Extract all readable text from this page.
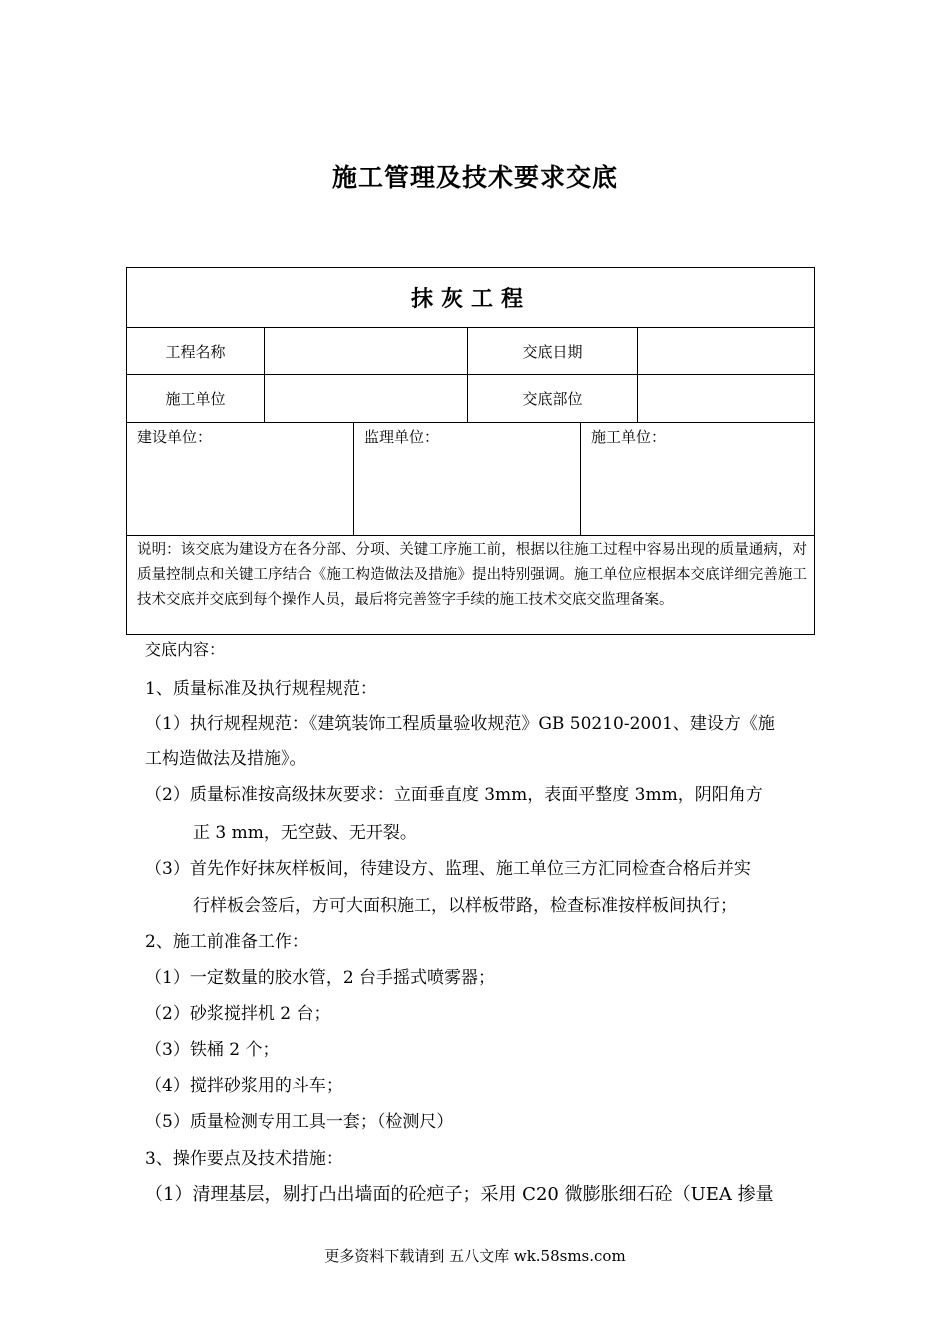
施工管理及技术要求交底
抹灰工程
工程名称	交底日期
施工单位	交底部位
建设单位：	监理单位：	施工单位：
说明：该交底为建设方在各分部、分项、关键工序施工前，根据以往施工过程中容易出现的质量通病，对质量控制点和关键工序结合《施工构造做法及措施》提出特别强调。施工单位应根据本交底详细完善施工技术交底并交底到每个操作人员，最后将完善签字手续的施工技术交底交监理备案。
交底内容：
1、质量标准及执行规程规范：
（1）执行规程规范：《建筑装饰工程质量验收规范》GB 50210-2001、建设方《施
工构造做法及措施》。
（2）质量标准按高级抹灰要求：立面垂直度 3mm，表面平整度 3mm，阴阳角方
正 3 mm，无空鼓、无开裂。
（3）首先作好抹灰样板间，待建设方、监理、施工单位三方汇同检查合格后并实
行样板会签后，方可大面积施工，以样板带路，检查标准按样板间执行；
2、施工前准备工作：
（1）一定数量的胶水管，2 台手摇式喷雾器；
（2）砂浆搅拌机 2 台；
（3）铁桶 2 个；
（4）搅拌砂浆用的斗车；
（5）质量检测专用工具一套；（检测尺）
3、操作要点及技术措施：
（1）清理基层，剔打凸出墙面的砼疤子；采用 C20 微膨胀细石砼（UEA 掺量
更多资料下载请到 五八文库 wk.58sms.com
